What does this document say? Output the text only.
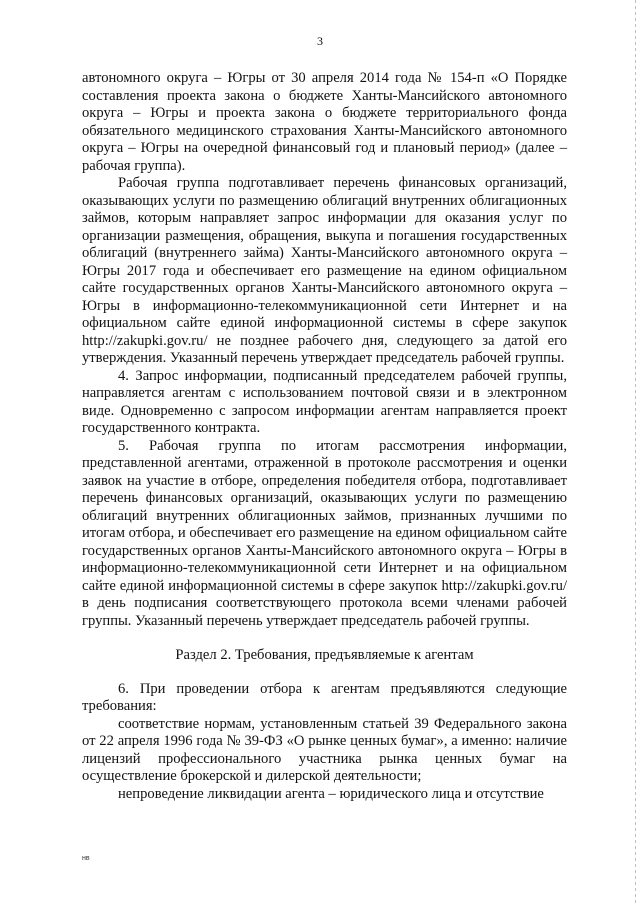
3

автономного округа – Югры от 30 апреля 2014 года № 154-п «О Порядке составления проекта закона о бюджете Ханты-Мансийского автономного округа – Югры и проекта закона о бюджете территориального фонда обязательного медицинского страхования Ханты-Мансийского автономного округа – Югры на очередной финансовый год и плановый период» (далее – рабочая группа).

Рабочая группа подготавливает перечень финансовых организаций, оказывающих услуги по размещению облигаций внутренних облигационных займов, которым направляет запрос информации для оказания услуг по организации размещения, обращения, выкупа и погашения государственных облигаций (внутреннего займа) Ханты-Мансийского автономного округа – Югры 2017 года и обеспечивает его размещение на едином официальном сайте государственных органов Ханты-Мансийского автономного округа – Югры в информационно-телекоммуникационной сети Интернет и на официальном сайте единой информационной системы в сфере закупок http://zakupki.gov.ru/ не позднее рабочего дня, следующего за датой его утверждения. Указанный перечень утверждает председатель рабочей группы.

4. Запрос информации, подписанный председателем рабочей группы, направляется агентам с использованием почтовой связи и в электронном виде. Одновременно с запросом информации агентам направляется проект государственного контракта.

5. Рабочая группа по итогам рассмотрения информации, представленной агентами, отраженной в протоколе рассмотрения и оценки заявок на участие в отборе, определения победителя отбора, подготавливает перечень финансовых организаций, оказывающих услуги по размещению облигаций внутренних облигационных займов, признанных лучшими по итогам отбора, и обеспечивает его размещение на едином официальном сайте государственных органов Ханты-Мансийского автономного округа – Югры в информационно-телекоммуникационной сети Интернет и на официальном сайте единой информационной системы в сфере закупок http://zakupki.gov.ru/ в день подписания соответствующего протокола всеми членами рабочей группы. Указанный перечень утверждает председатель рабочей группы.

Раздел 2. Требования, предъявляемые к агентам

6. При проведении отбора к агентам предъявляются следующие требования:

соответствие нормам, установленным статьей 39 Федерального закона от 22 апреля 1996 года № 39-ФЗ «О рынке ценных бумаг», а именно: наличие лицензий профессионального участника рынка ценных бумаг на осуществление брокерской и дилерской деятельности;

непроведение ликвидации агента – юридического лица и отсутствие

нв
